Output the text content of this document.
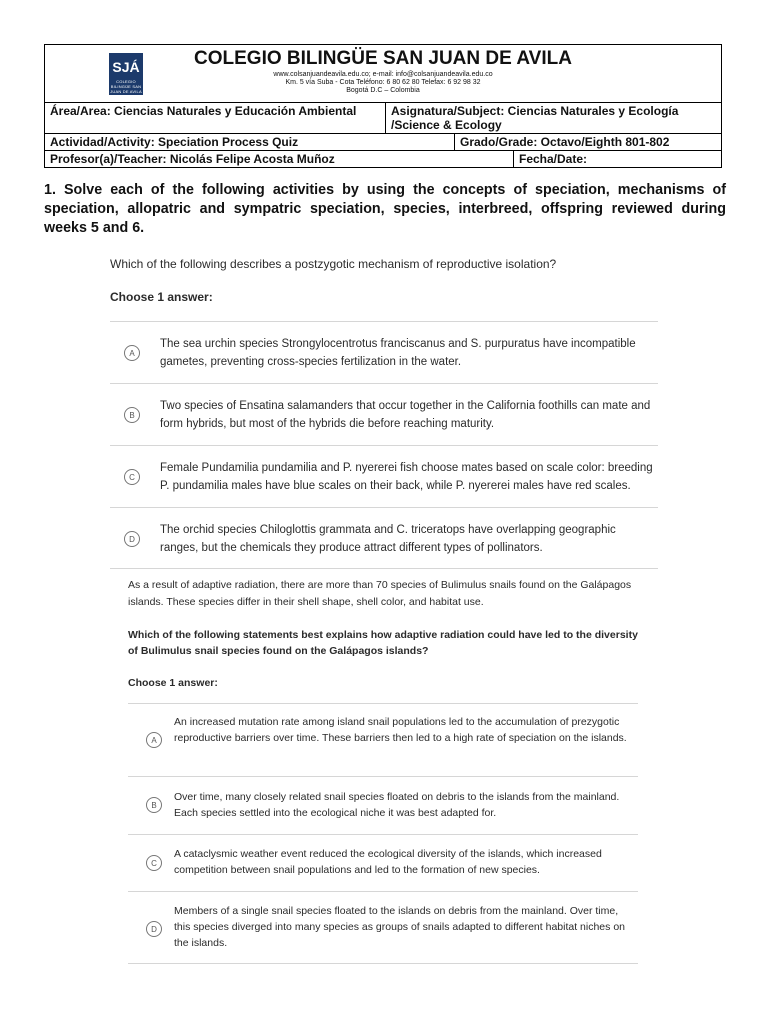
SJÁ
COLEGIO BILINGÜE SAN JUAN DE AVILA
COLEGIO BILINGÜE SAN JUAN DE AVILA
www.colsanjuandeavila.edu.co; e-mail: info@colsanjuandeavila.edu.co
Km. 5 vía Suba - Cota Teléfono: 6 80 62 80 Telefax: 6 92 98 32
Bogotá D.C – Colombia
Área/Area: Ciencias Naturales y Educación Ambiental	Asignatura/Subject: Ciencias Naturales y Ecología /Science & Ecology
Actividad/Activity: Speciation Process Quiz	Grado/Grade: Octavo/Eighth 801-802
Profesor(a)/Teacher: Nicolás Felipe Acosta Muñoz	Fecha/Date:
1. Solve each of the following activities by using the concepts of speciation, mechanisms of speciation, allopatric and sympatric speciation, species, interbreed, offspring reviewed during weeks 5 and 6.
Which of the following describes a postzygotic mechanism of reproductive isolation?
Choose 1 answer:
A
The sea urchin species Strongylocentrotus franciscanus and S. purpuratus have incompatible gametes, preventing cross-species fertilization in the water.
B
Two species of Ensatina salamanders that occur together in the California foothills can mate and form hybrids, but most of the hybrids die before reaching maturity.
C
Female Pundamilia pundamilia and P. nyererei fish choose mates based on scale color: breeding P. pundamilia males have blue scales on their back, while P. nyererei males have red scales.
D
The orchid species Chiloglottis grammata and C. triceratops have overlapping geographic ranges, but the chemicals they produce attract different types of pollinators.
As a result of adaptive radiation, there are more than 70 species of Bulimulus snails found on the Galápagos islands. These species differ in their shell shape, shell color, and habitat use.
Which of the following statements best explains how adaptive radiation could have led to the diversity of Bulimulus snail species found on the Galápagos islands?
Choose 1 answer:
A
An increased mutation rate among island snail populations led to the accumulation of prezygotic reproductive barriers over time. These barriers then led to a high rate of speciation on the islands.
B
Over time, many closely related snail species floated on debris to the islands from the mainland. Each species settled into the ecological niche it was best adapted for.
C
A cataclysmic weather event reduced the ecological diversity of the islands, which increased competition between snail populations and led to the formation of new species.
D
Members of a single snail species floated to the islands on debris from the mainland. Over time, this species diverged into many species as groups of snails adapted to different habitat niches on the islands.
